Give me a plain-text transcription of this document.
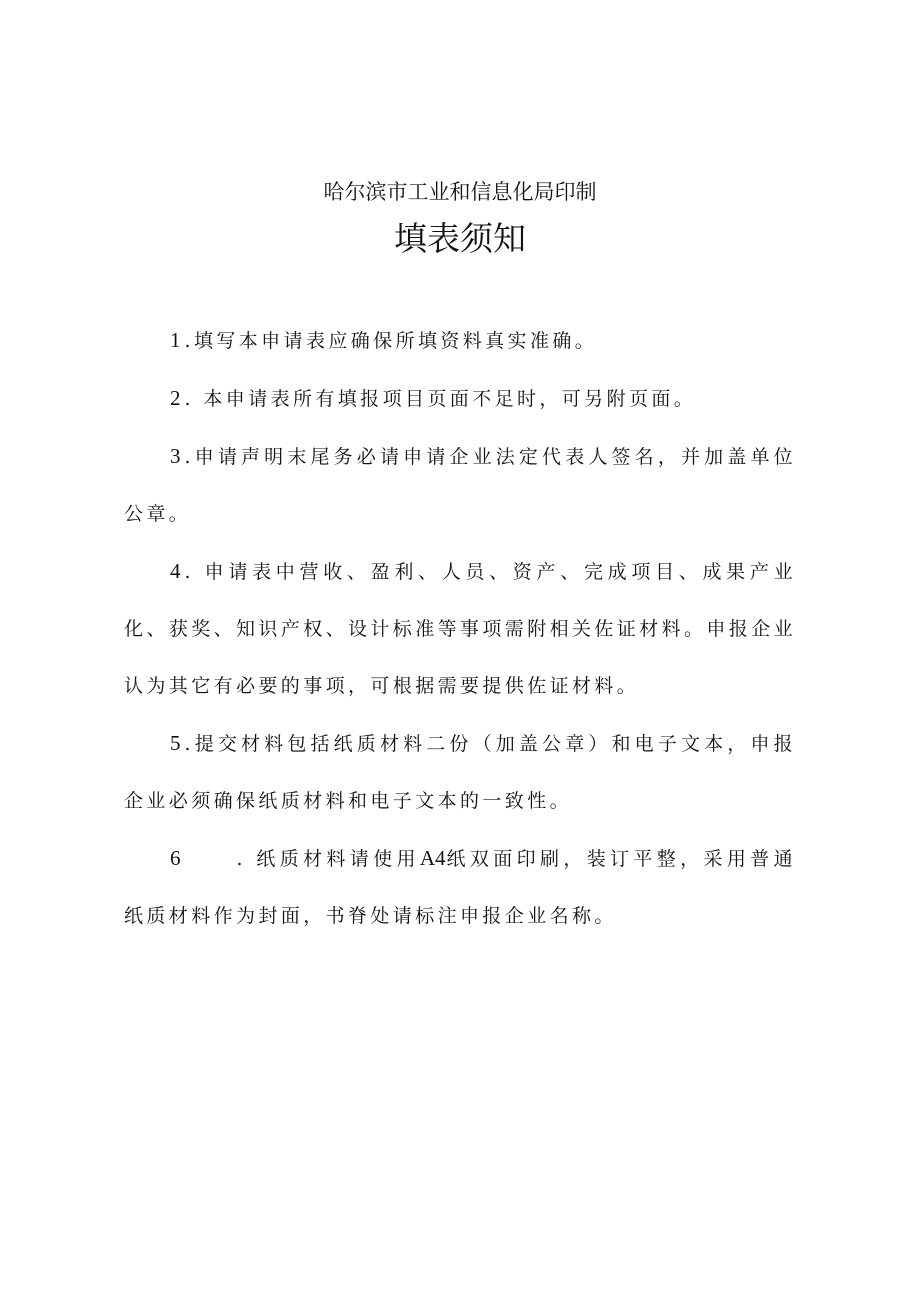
哈尔滨市工业和信息化局印制
填表须知

1.填写本申请表应确保所填资料真实准确。

2. 本申请表所有填报项目页面不足时，可另附页面。

3.申请声明末尾务必请申请企业法定代表人签名，并加盖单位公章。

4. 申请表中营收、盈利、人员、资产、完成项目、成果产业化、获奖、知识产权、设计标准等事项需附相关佐证材料。申报企业认为其它有必要的事项，可根据需要提供佐证材料。

5.提交材料包括纸质材料二份（加盖公章）和电子文本，申报企业必须确保纸质材料和电子文本的一致性。

6	. 纸质材料请使用A4纸双面印刷，装订平整，采用普通纸质材料作为封面，书脊处请标注申报企业名称。
